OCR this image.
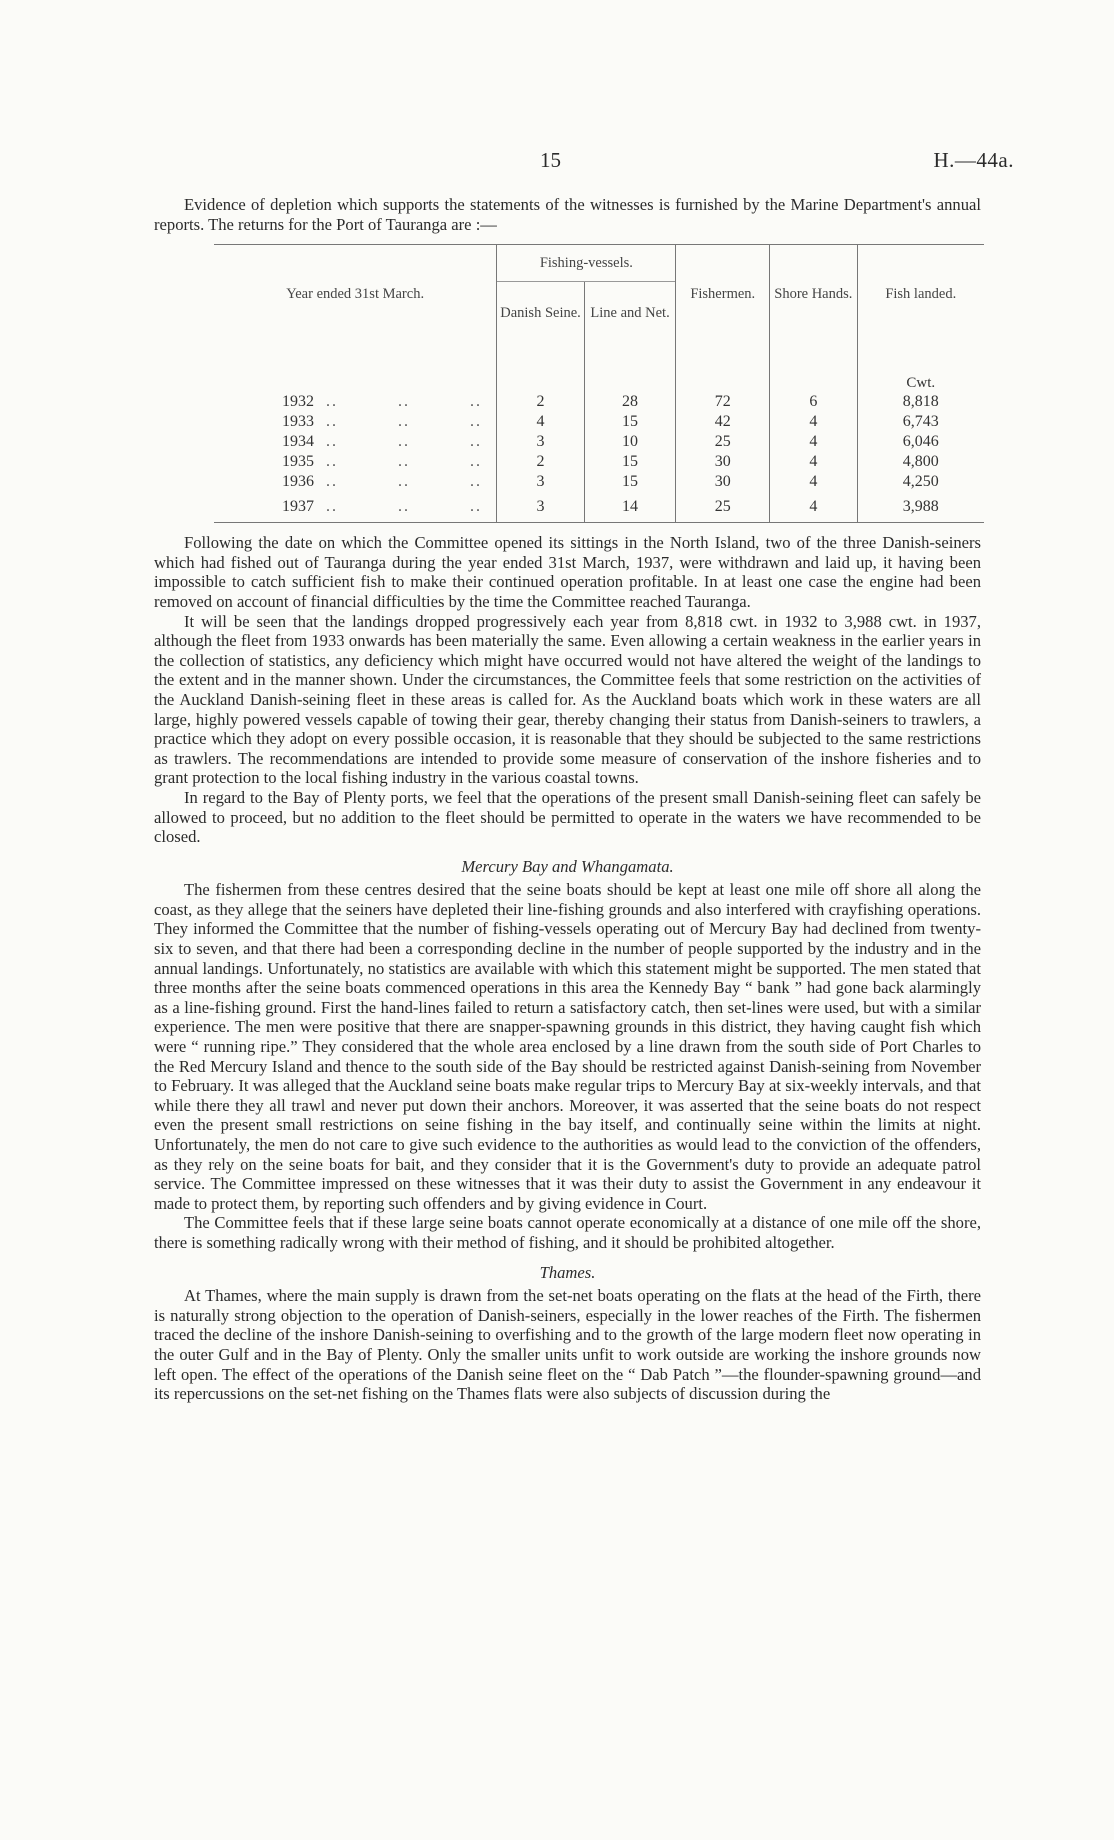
15	H.—44a.

Evidence of depletion which supports the statements of the witnesses is furnished by the Marine Department's annual reports. The returns for the Port of Tauranga are :—

Year ended 31st March.	Fishing-vessels.		Fishermen.	Shore Hands.	Fish landed.
	Danish Seine.	Line and Net.			
					Cwt.
1932  ..          ..          ..	2	28	72	6	8,818
1933  ..          ..          ..	4	15	42	4	6,743
1934  ..          ..          ..	3	10	25	4	6,046
1935  ..          ..          ..	2	15	30	4	4,800
1936  ..          ..          ..	3	15	30	4	4,250
1937  ..          ..          ..	3	14	25	4	3,988

Following the date on which the Committee opened its sittings in the North Island, two of the three Danish-seiners which had fished out of Tauranga during the year ended 31st March, 1937, were withdrawn and laid up, it having been impossible to catch sufficient fish to make their continued operation profitable. In at least one case the engine had been removed on account of financial difficulties by the time the Committee reached Tauranga.

It will be seen that the landings dropped progressively each year from 8,818 cwt. in 1932 to 3,988 cwt. in 1937, although the fleet from 1933 onwards has been materially the same. Even allowing a certain weakness in the earlier years in the collection of statistics, any deficiency which might have occurred would not have altered the weight of the landings to the extent and in the manner shown. Under the circumstances, the Committee feels that some restriction on the activities of the Auckland Danish-seining fleet in these areas is called for. As the Auckland boats which work in these waters are all large, highly powered vessels capable of towing their gear, thereby changing their status from Danish-seiners to trawlers, a practice which they adopt on every possible occasion, it is reasonable that they should be subjected to the same restrictions as trawlers. The recommendations are intended to provide some measure of conservation of the inshore fisheries and to grant protection to the local fishing industry in the various coastal towns.

In regard to the Bay of Plenty ports, we feel that the operations of the present small Danish-seining fleet can safely be allowed to proceed, but no addition to the fleet should be permitted to operate in the waters we have recommended to be closed.

Mercury Bay and Whangamata.

The fishermen from these centres desired that the seine boats should be kept at least one mile off shore all along the coast, as they allege that the seiners have depleted their line-fishing grounds and also interfered with crayfishing operations. They informed the Committee that the number of fishing-vessels operating out of Mercury Bay had declined from twenty-six to seven, and that there had been a corresponding decline in the number of people supported by the industry and in the annual landings. Unfortunately, no statistics are available with which this statement might be supported. The men stated that three months after the seine boats commenced operations in this area the Kennedy Bay “ bank ” had gone back alarmingly as a line-fishing ground. First the hand-lines failed to return a satisfactory catch, then set-lines were used, but with a similar experience. The men were positive that there are snapper-spawning grounds in this district, they having caught fish which were “ running ripe.” They considered that the whole area enclosed by a line drawn from the south side of Port Charles to the Red Mercury Island and thence to the south side of the Bay should be restricted against Danish-seining from November to February. It was alleged that the Auckland seine boats make regular trips to Mercury Bay at six-weekly intervals, and that while there they all trawl and never put down their anchors. Moreover, it was asserted that the seine boats do not respect even the present small restrictions on seine fishing in the bay itself, and continually seine within the limits at night. Unfortunately, the men do not care to give such evidence to the authorities as would lead to the conviction of the offenders, as they rely on the seine boats for bait, and they consider that it is the Government's duty to provide an adequate patrol service. The Committee impressed on these witnesses that it was their duty to assist the Government in any endeavour it made to protect them, by reporting such offenders and by giving evidence in Court.

The Committee feels that if these large seine boats cannot operate economically at a distance of one mile off the shore, there is something radically wrong with their method of fishing, and it should be prohibited altogether.

Thames.

At Thames, where the main supply is drawn from the set-net boats operating on the flats at the head of the Firth, there is naturally strong objection to the operation of Danish-seiners, especially in the lower reaches of the Firth. The fishermen traced the decline of the inshore Danish-seining to overfishing and to the growth of the large modern fleet now operating in the outer Gulf and in the Bay of Plenty. Only the smaller units unfit to work outside are working the inshore grounds now left open. The effect of the operations of the Danish seine fleet on the “ Dab Patch ”—the flounder-spawning ground—and its repercussions on the set-net fishing on the Thames flats were also subjects of discussion during the
